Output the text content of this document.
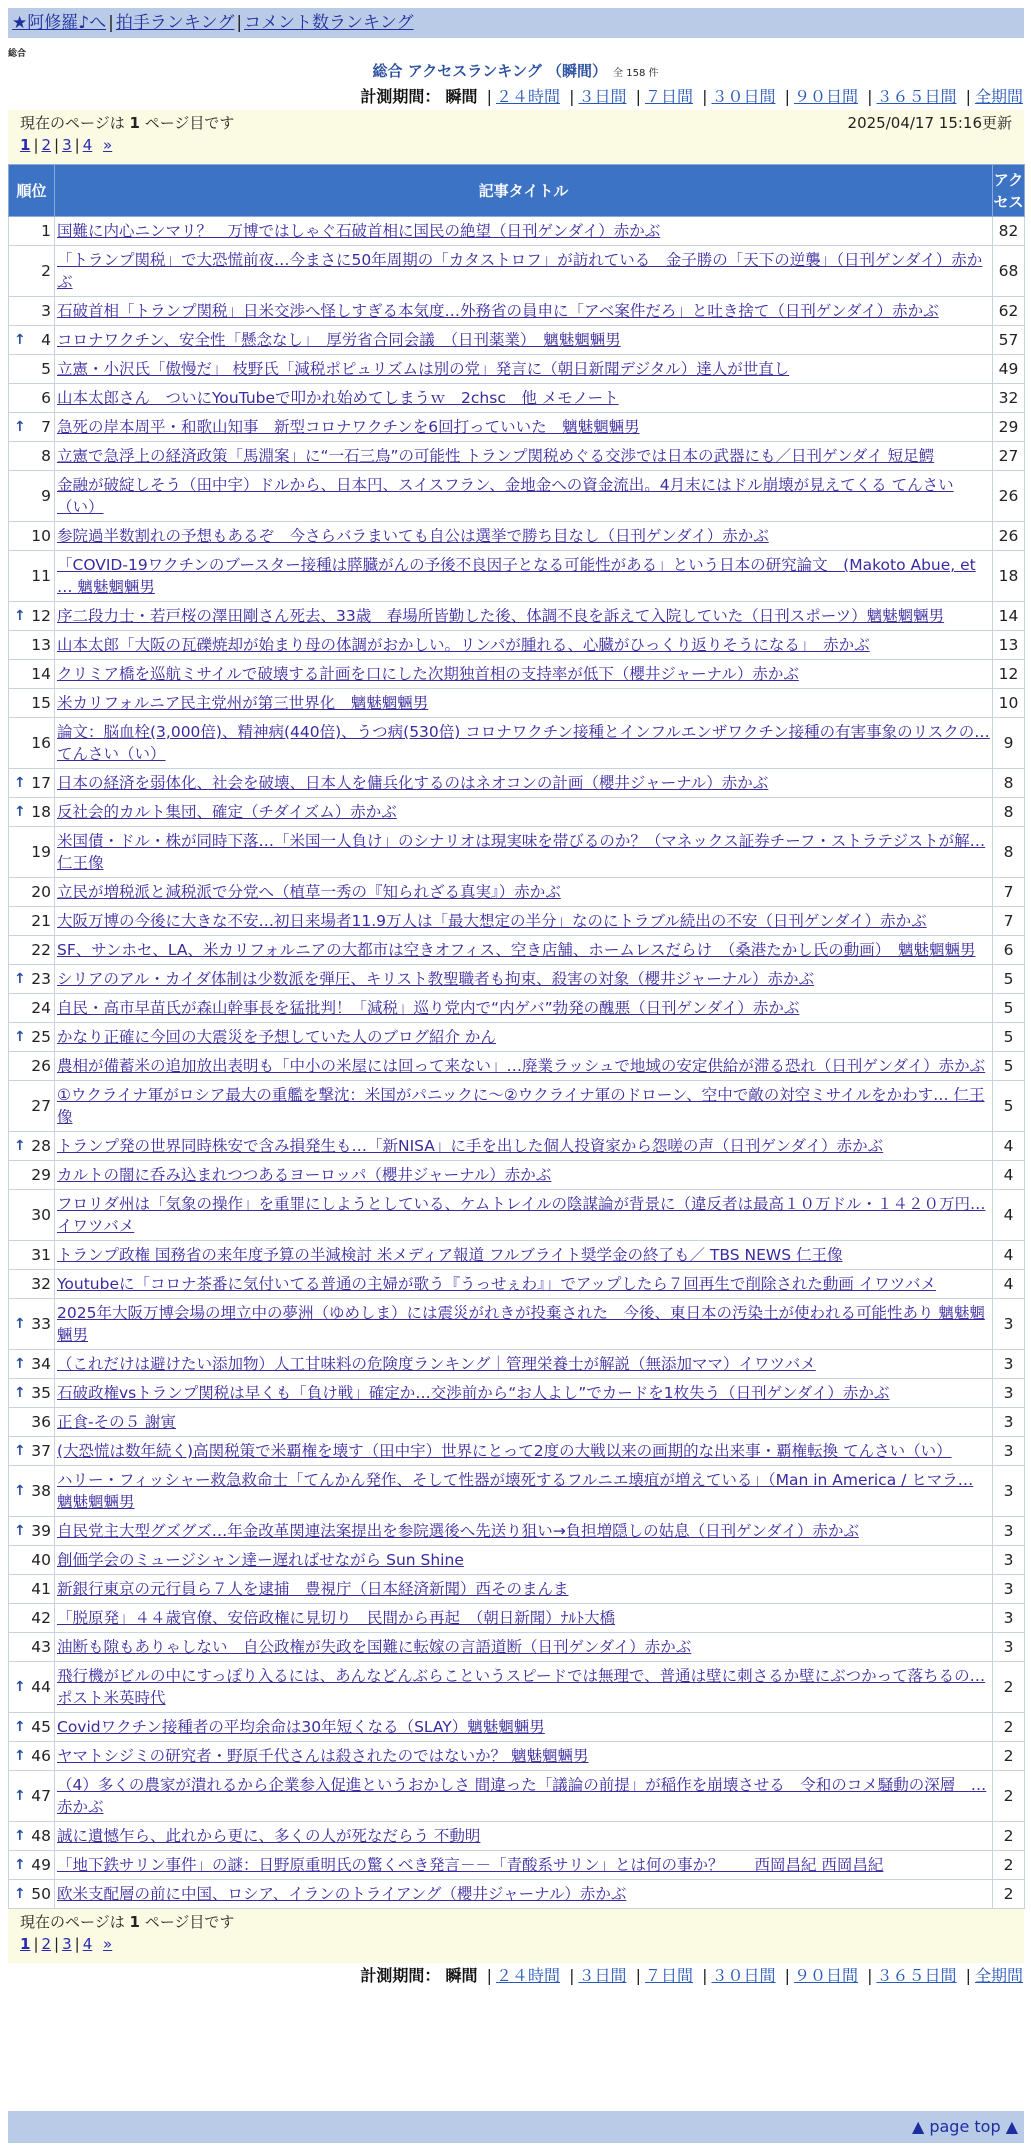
★阿修羅♪へ | 拍手ランキング | コメント数ランキング
総合
総合 アクセスランキング （瞬間） 全 158 件
計測期間： 瞬間 | ２４時間 | ３日間 | ７日間 | ３０日間 | ９０日間 | ３６５日間 | 全期間
現在のページは 1 ページ目です	2025/04/17 15:16更新
1 | 2 | 3 | 4 »
順位	記事タイトル	アクセス
1	国難に内心ニンマリ？　万博ではしゃぐ石破首相に国民の絶望（日刊ゲンダイ）赤かぶ	82
2	「トランプ関税」で大恐慌前夜…今まさに50年周期の「カタストロフ」が訪れている　金子勝の「天下の逆襲」（日刊ゲンダイ）赤かぶ	68
3	石破首相「トランプ関税」日米交渉へ怪しすぎる本気度…外務省の員申に「アベ案件だろ」と吐き捨て（日刊ゲンダイ）赤かぶ	62

↑ 4	コロナワクチン、安全性「懸念なし」　厚労省合同会議　（日刊薬業）　魑魅魍魎男	57
5	立憲・小沢氏「傲慢だ」 枝野氏「減税ポピュリズムは別の党」発言に（朝日新聞デジタル）達人が世直し	49
6	山本太郎さん　ついにYouTubeで叩かれ始めてしまうｗ　2chsc　他 メモノート	32

↑ 7	急死の岸本周平・和歌山知事　新型コロナワクチンを6回打っていいた　魑魅魍魎男	29
8	立憲で急浮上の経済政策「馬淵案」に“一石三鳥”の可能性 トランプ関税めぐる交渉では日本の武器にも／日刊ゲンダイ 短足鰐	27
9	金融が破綻しそう（田中宇）ドルから、日本円、スイスフラン、金地金への資金流出。4月末にはドル崩壊が見えてくる てんさい（い）	26
10	参院過半数割れの予想もあるぞ　今さらバラまいても自公は選挙で勝ち目なし（日刊ゲンダイ）赤かぶ	26
11	「COVID-19ワクチンのブースター接種は膵臓がんの予後不良因子となる可能性がある」という日本の研究論文　(Makoto Abue, et … 魑魅魍魎男	18

↑ 12	序二段力士・若戸桜の澤田剛さん死去、33歳　春場所皆勤した後、体調不良を訴えて入院していた（日刊スポーツ）魑魅魍魎男	14
13	山本太郎「大阪の瓦礫焼却が始まり母の体調がおかしい。リンパが腫れる、心臓がひっくり返りそうになる」　赤かぶ	13
14	クリミア橋を巡航ミサイルで破壊する計画を口にした次期独首相の支持率が低下（櫻井ジャーナル）赤かぶ	12
15	米カリフォルニア民主党州が第三世界化　魑魅魍魎男	10
16	論文：脳血栓(3,000倍)、精神病(440倍)、うつ病(530倍) コロナワクチン接種とインフルエンザワクチン接種の有害事象のリスクの… てんさい（い）	9

↑ 17	日本の経済を弱体化、社会を破壊、日本人を傭兵化するのはネオコンの計画（櫻井ジャーナル）赤かぶ	8

↑ 18	反社会的カルト集団、確定（チダイズム）赤かぶ	8
19	米国債・ドル・株が同時下落…「米国一人負け」のシナリオは現実味を帯びるのか？（マネックス証券チーフ・ストラテジストが解… 仁王像	8
20	立民が増税派と減税派で分党へ（植草一秀の『知られざる真実』）赤かぶ	7
21	大阪万博の今後に大きな不安…初日来場者11.9万人は「最大想定の半分」なのにトラブル続出の不安（日刊ゲンダイ）赤かぶ	7
22	SF、サンホセ、LA、米カリフォルニアの大都市は空きオフィス、空き店舗、ホームレスだらけ　（桑港たかし氏の動画）　魑魅魍魎男	6

↑ 23	シリアのアル・カイダ体制は少数派を弾圧、キリスト教聖職者も拘束、殺害の対象（櫻井ジャーナル）赤かぶ	5
24	自民・高市早苗氏が森山幹事長を猛批判！「減税」巡り党内で“内ゲバ”勃発の醜悪（日刊ゲンダイ）赤かぶ	5

↑ 25	かなり正確に今回の大震災を予想していた人のブログ紹介 かん	5
26	農相が備蓄米の追加放出表明も「中小の米屋には回って来ない」…廃業ラッシュで地域の安定供給が滞る恐れ（日刊ゲンダイ）赤かぶ	5
27	①ウクライナ軍がロシア最大の重艦を撃沈：米国がパニックに～②ウクライナ軍のドローン、空中で敵の対空ミサイルをかわす… 仁王像	5

↑ 28	トランプ発の世界同時株安で含み損発生も…「新NISA」に手を出した個人投資家から怨嗟の声（日刊ゲンダイ）赤かぶ	4
29	カルトの闇に呑み込まれつつあるヨーロッパ（櫻井ジャーナル）赤かぶ	4
30	フロリダ州は「気象の操作」を重罪にしようとしている、ケムトレイルの陰謀論が背景に（違反者は最高１０万ドル・１４２０万円… イワツバメ	4
31	トランプ政権 国務省の来年度予算の半減検討 米メディア報道 フルブライト奨学金の終了も／ TBS NEWS 仁王像	4
32	Youtubeに「コロナ茶番に気付いてる普通の主婦が歌う『うっせぇわ』」でアップしたら７回再生で削除された動画 イワツバメ	4

↑ 33	2025年大阪万博会場の埋立中の夢洲（ゆめしま）には震災がれきが投棄された　今後、東日本の汚染土が使われる可能性あり 魑魅魍魎男	3

↑ 34	（これだけは避けたい添加物）人工甘味料の危険度ランキング｜管理栄養士が解説（無添加ママ）イワツバメ	3

↑ 35	石破政権vsトランプ関税は早くも「負け戦」確定か…交渉前から“お人よし”でカードを1枚失う（日刊ゲンダイ）赤かぶ	3
36	正食-その５ 謝寅	3

↑ 37	(大恐慌は数年続く)高関税策で米覇権を壊す（田中宇）世界にとって2度の大戦以来の画期的な出来事・覇権転換 てんさい（い）	3

↑ 38	ハリー・フィッシャー救急救命士「てんかん発作、そして性器が壊死するフルニエ壊疽が増えている」（Man in America / ヒマラ… 魑魅魍魎男	3

↑ 39	自民党主大型グズグズ…年金改革関連法案提出を参院選後へ先送り狙い→負担増隠しの姑息（日刊ゲンダイ）赤かぶ	3
40	創価学会のミュージシャン達ー遅ればせながら Sun Shine	3
41	新銀行東京の元行員ら７人を逮捕　豊視庁（日本経済新聞）西そのまんま	3
42	「脱原発」４４歳官僚、安倍政権に見切り　民間から再起　（朝日新聞）ﾅﾙﾄ大橋	3
43	油断も隙もありゃしない　自公政権が失政を国難に転嫁の言語道断（日刊ゲンダイ）赤かぶ	3

↑ 44	飛行機がビルの中にすっぽり入るには、あんなどんぶらこというスピードでは無理で、普通は壁に刺さるか壁にぶつかって落ちるの… ポスト米英時代	2

↑ 45	Covidワクチン接種者の平均余命は30年短くなる（SLAY）魑魅魍魎男	2

↑ 46	ヤマトシジミの研究者・野原千代さんは殺されたのではないか？ 魑魅魍魎男	2

↑ 47	（4）多くの農家が潰れるから企業参入促進というおかしさ 間違った「議論の前提」が稲作を崩壊させる　令和のコメ騒動の深層　… 赤かぶ	2

↑ 48	誠に遺憾乍ら、此れから更に、多くの人が死なだらう 不動明	2

↑ 49	「地下鉄サリン事件」の謎：日野原重明氏の驚くべき発言－－「青酸系サリン」とは何の事か？　　西岡昌紀 西岡昌紀	2

↑ 50	欧米支配層の前に中国、ロシア、イランのトライアング（櫻井ジャーナル）赤かぶ	2
現在のページは 1 ページ目です
1 | 2 | 3 | 4 »
計測期間： 瞬間 | ２４時間 | ３日間 | ７日間 | ３０日間 | ９０日間 | ３６５日間 | 全期間
▲ page top ▲
